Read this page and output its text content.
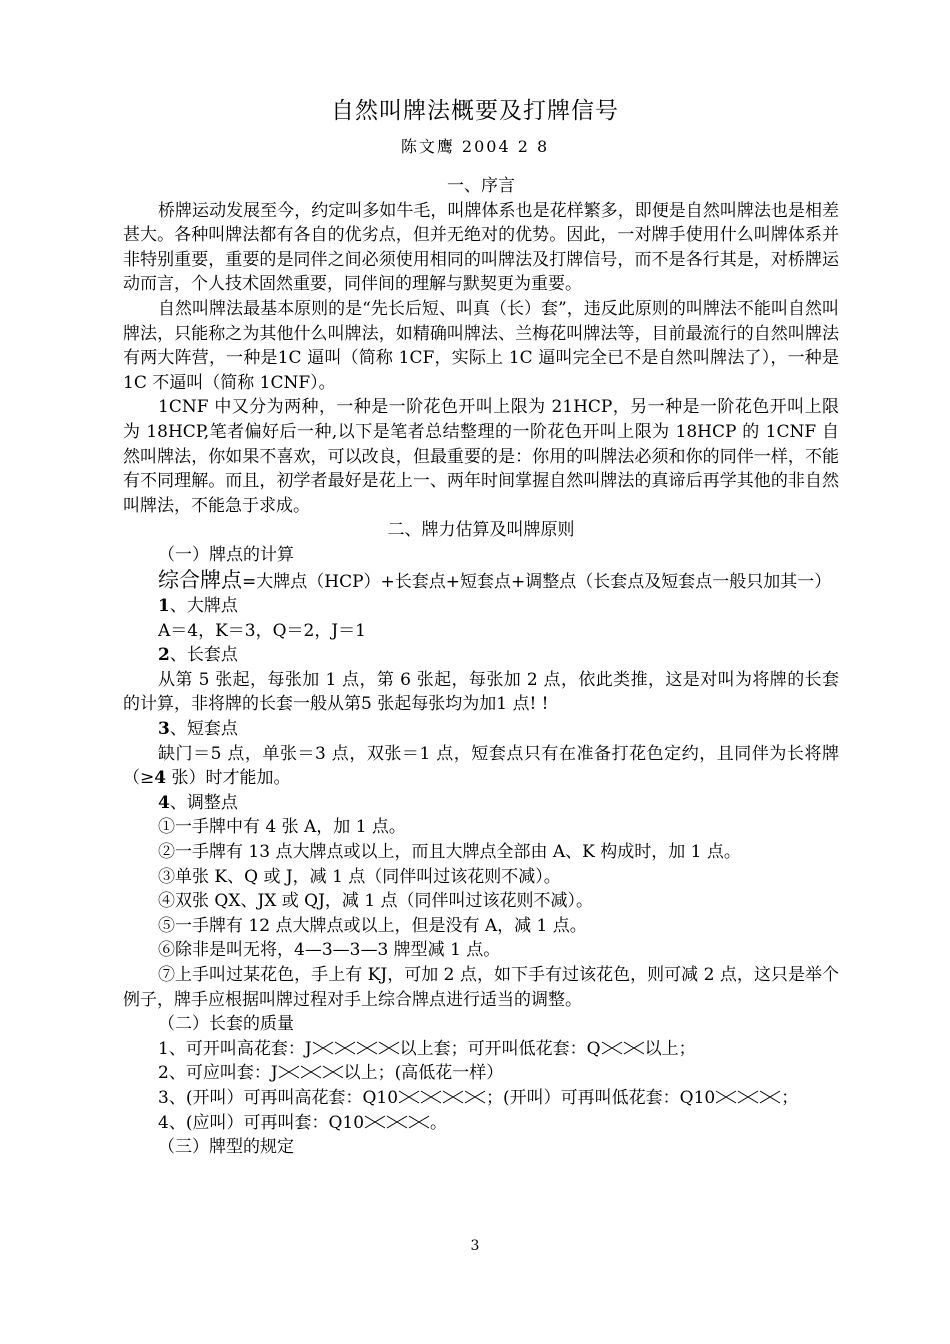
自然叫牌法概要及打牌信号
陈文鹰 2004 2 8

一、序言

桥牌运动发展至今，约定叫多如牛毛，叫牌体系也是花样繁多，即便是自然叫牌法也是相差甚大。各种叫牌法都有各自的优劣点，但并无绝对的优势。因此，一对牌手使用什么叫牌体系并非特别重要，重要的是同伴之间必须使用相同的叫牌法及打牌信号，而不是各行其是，对桥牌运动而言，个人技术固然重要，同伴间的理解与默契更为重要。

自然叫牌法最基本原则的是“先长后短、叫真（长）套”，违反此原则的叫牌法不能叫自然叫牌法，只能称之为其他什么叫牌法，如精确叫牌法、兰梅花叫牌法等，目前最流行的自然叫牌法有两大阵营，一种是1C 逼叫（简称 1CF，实际上 1C 逼叫完全已不是自然叫牌法了），一种是 1C 不逼叫（简称 1CNF）。

1CNF 中又分为两种，一种是一阶花色开叫上限为 21HCP，另一种是一阶花色开叫上限为 18HCP,笔者偏好后一种,以下是笔者总结整理的一阶花色开叫上限为 18HCP 的 1CNF 自然叫牌法，你如果不喜欢，可以改良，但最重要的是：你用的叫牌法必须和你的同伴一样，不能有不同理解。而且，初学者最好是花上一、两年时间掌握自然叫牌法的真谛后再学其他的非自然叫牌法，不能急于求成。

二、牌力估算及叫牌原则

（一）牌点的计算

综合牌点=大牌点（HCP）+长套点+短套点+调整点（长套点及短套点一般只加其一）

1、大牌点

A＝4，K＝3，Q＝2，J＝1

2、长套点

从第 5 张起，每张加 1 点，第 6 张起，每张加 2 点，依此类推，这是对叫为将牌的长套的计算，非将牌的长套一般从第5 张起每张均为加1 点! !

3、短套点

缺门＝5 点，单张＝3 点，双张＝1 点，短套点只有在准备打花色定约，且同伴为长将牌（≥4 张）时才能加。

4、调整点

①一手牌中有 4 张 A，加 1 点。

②一手牌有 13 点大牌点或以上，而且大牌点全部由 A、K 构成时，加 1 点。

③单张 K、Q 或 J，减 1 点（同伴叫过该花则不减）。

④双张 QX、JX 或 QJ，减 1 点（同伴叫过该花则不减）。

⑤一手牌有 12 点大牌点或以上，但是没有 A，减 1 点。

⑥除非是叫无将，4—3—3—3 牌型减 1 点。

⑦上手叫过某花色，手上有 KJ，可加 2 点，如下手有过该花色，则可减 2 点，这只是举个例子，牌手应根据叫牌过程对手上综合牌点进行适当的调整。

（二）长套的质量

1、可开叫高花套：J	以上套；可开叫低花套：Q	以上；

2、可应叫套：J	以上；(高低花一样）

3、(开叫）可再叫高花套：Q10	；(开叫）可再叫低花套：Q10	；

4、(应叫）可再叫套：Q10	。

（三）牌型的规定

3
